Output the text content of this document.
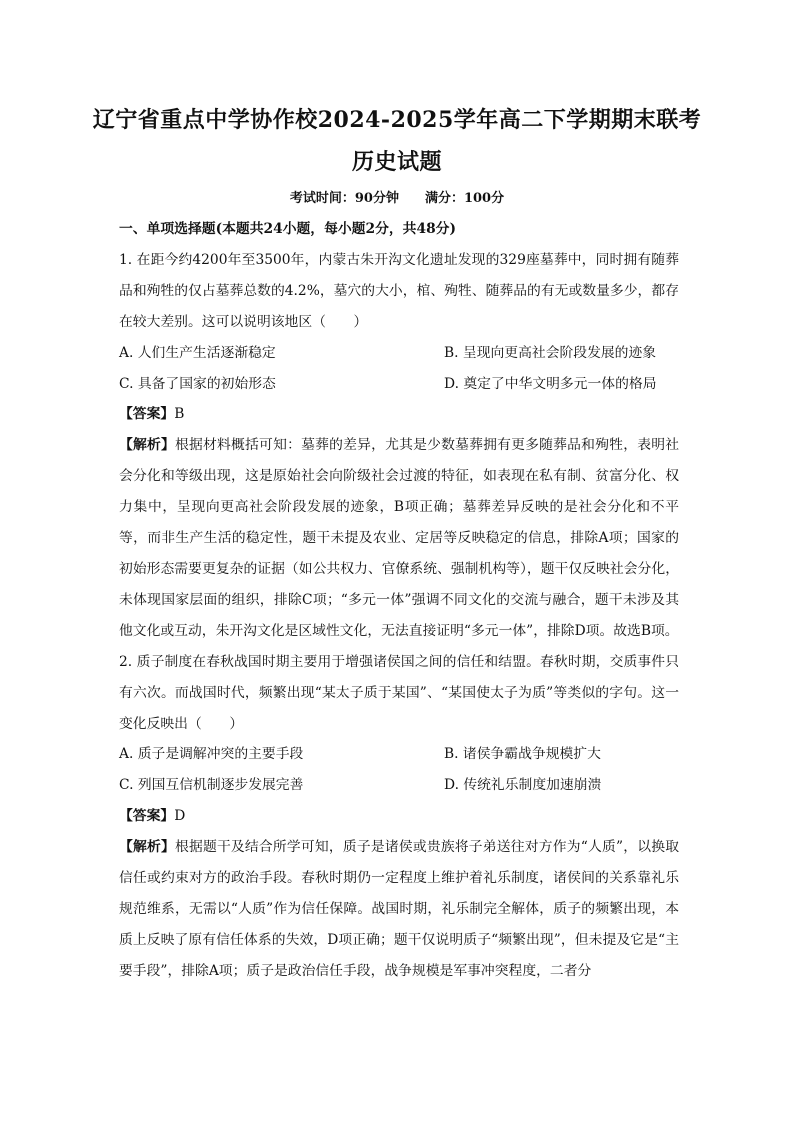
辽宁省重点中学协作校2024-2025学年高二下学期期末联考
历史试题
考试时间：90分钟 满分：100分

一、单项选择题(本题共24小题，每小题2分，共48分)

1. 在距今约4200年至3500年，内蒙古朱开沟文化遗址发现的329座墓葬中，同时拥有随葬品和殉牲的仅占墓葬总数的4.2%，墓穴的大小，棺、殉牲、随葬品的有无或数量多少，都存在较大差别。这可以说明该地区（　　）

A. 人们生产生活逐渐稳定	B. 呈现向更高社会阶段发展的迹象
C. 具备了国家的初始形态	D. 奠定了中华文明多元一体的格局

【答案】B

【解析】根据材料概括可知：墓葬的差异，尤其是少数墓葬拥有更多随葬品和殉牲，表明社会分化和等级出现，这是原始社会向阶级社会过渡的特征，如表现在私有制、贫富分化、权力集中，呈现向更高社会阶段发展的迹象，B项正确；墓葬差异反映的是社会分化和不平等，而非生产生活的稳定性，题干未提及农业、定居等反映稳定的信息，排除A项；国家的初始形态需要更复杂的证据（如公共权力、官僚系统、强制机构等），题干仅反映社会分化，未体现国家层面的组织，排除C项；“多元一体”强调不同文化的交流与融合，题干未涉及其他文化或互动，朱开沟文化是区域性文化，无法直接证明“多元一体”，排除D项。故选B项。

2. 质子制度在春秋战国时期主要用于增强诸侯国之间的信任和结盟。春秋时期，交质事件只有六次。而战国时代，频繁出现“某太子质于某国”、“某国使太子为质”等类似的字句。这一变化反映出（　　）

A. 质子是调解冲突的主要手段	B. 诸侯争霸战争规模扩大
C. 列国互信机制逐步发展完善	D. 传统礼乐制度加速崩溃

【答案】D

【解析】根据题干及结合所学可知，质子是诸侯或贵族将子弟送往对方作为“人质”，以换取信任或约束对方的政治手段。春秋时期仍一定程度上维护着礼乐制度，诸侯间的关系靠礼乐规范维系，无需以“人质”作为信任保障。战国时期，礼乐制完全解体，质子的频繁出现，本质上反映了原有信任体系的失效，D项正确；题干仅说明质子“频繁出现”，但未提及它是“主要手段”，排除A项；质子是政治信任手段，战争规模是军事冲突程度，二者分
